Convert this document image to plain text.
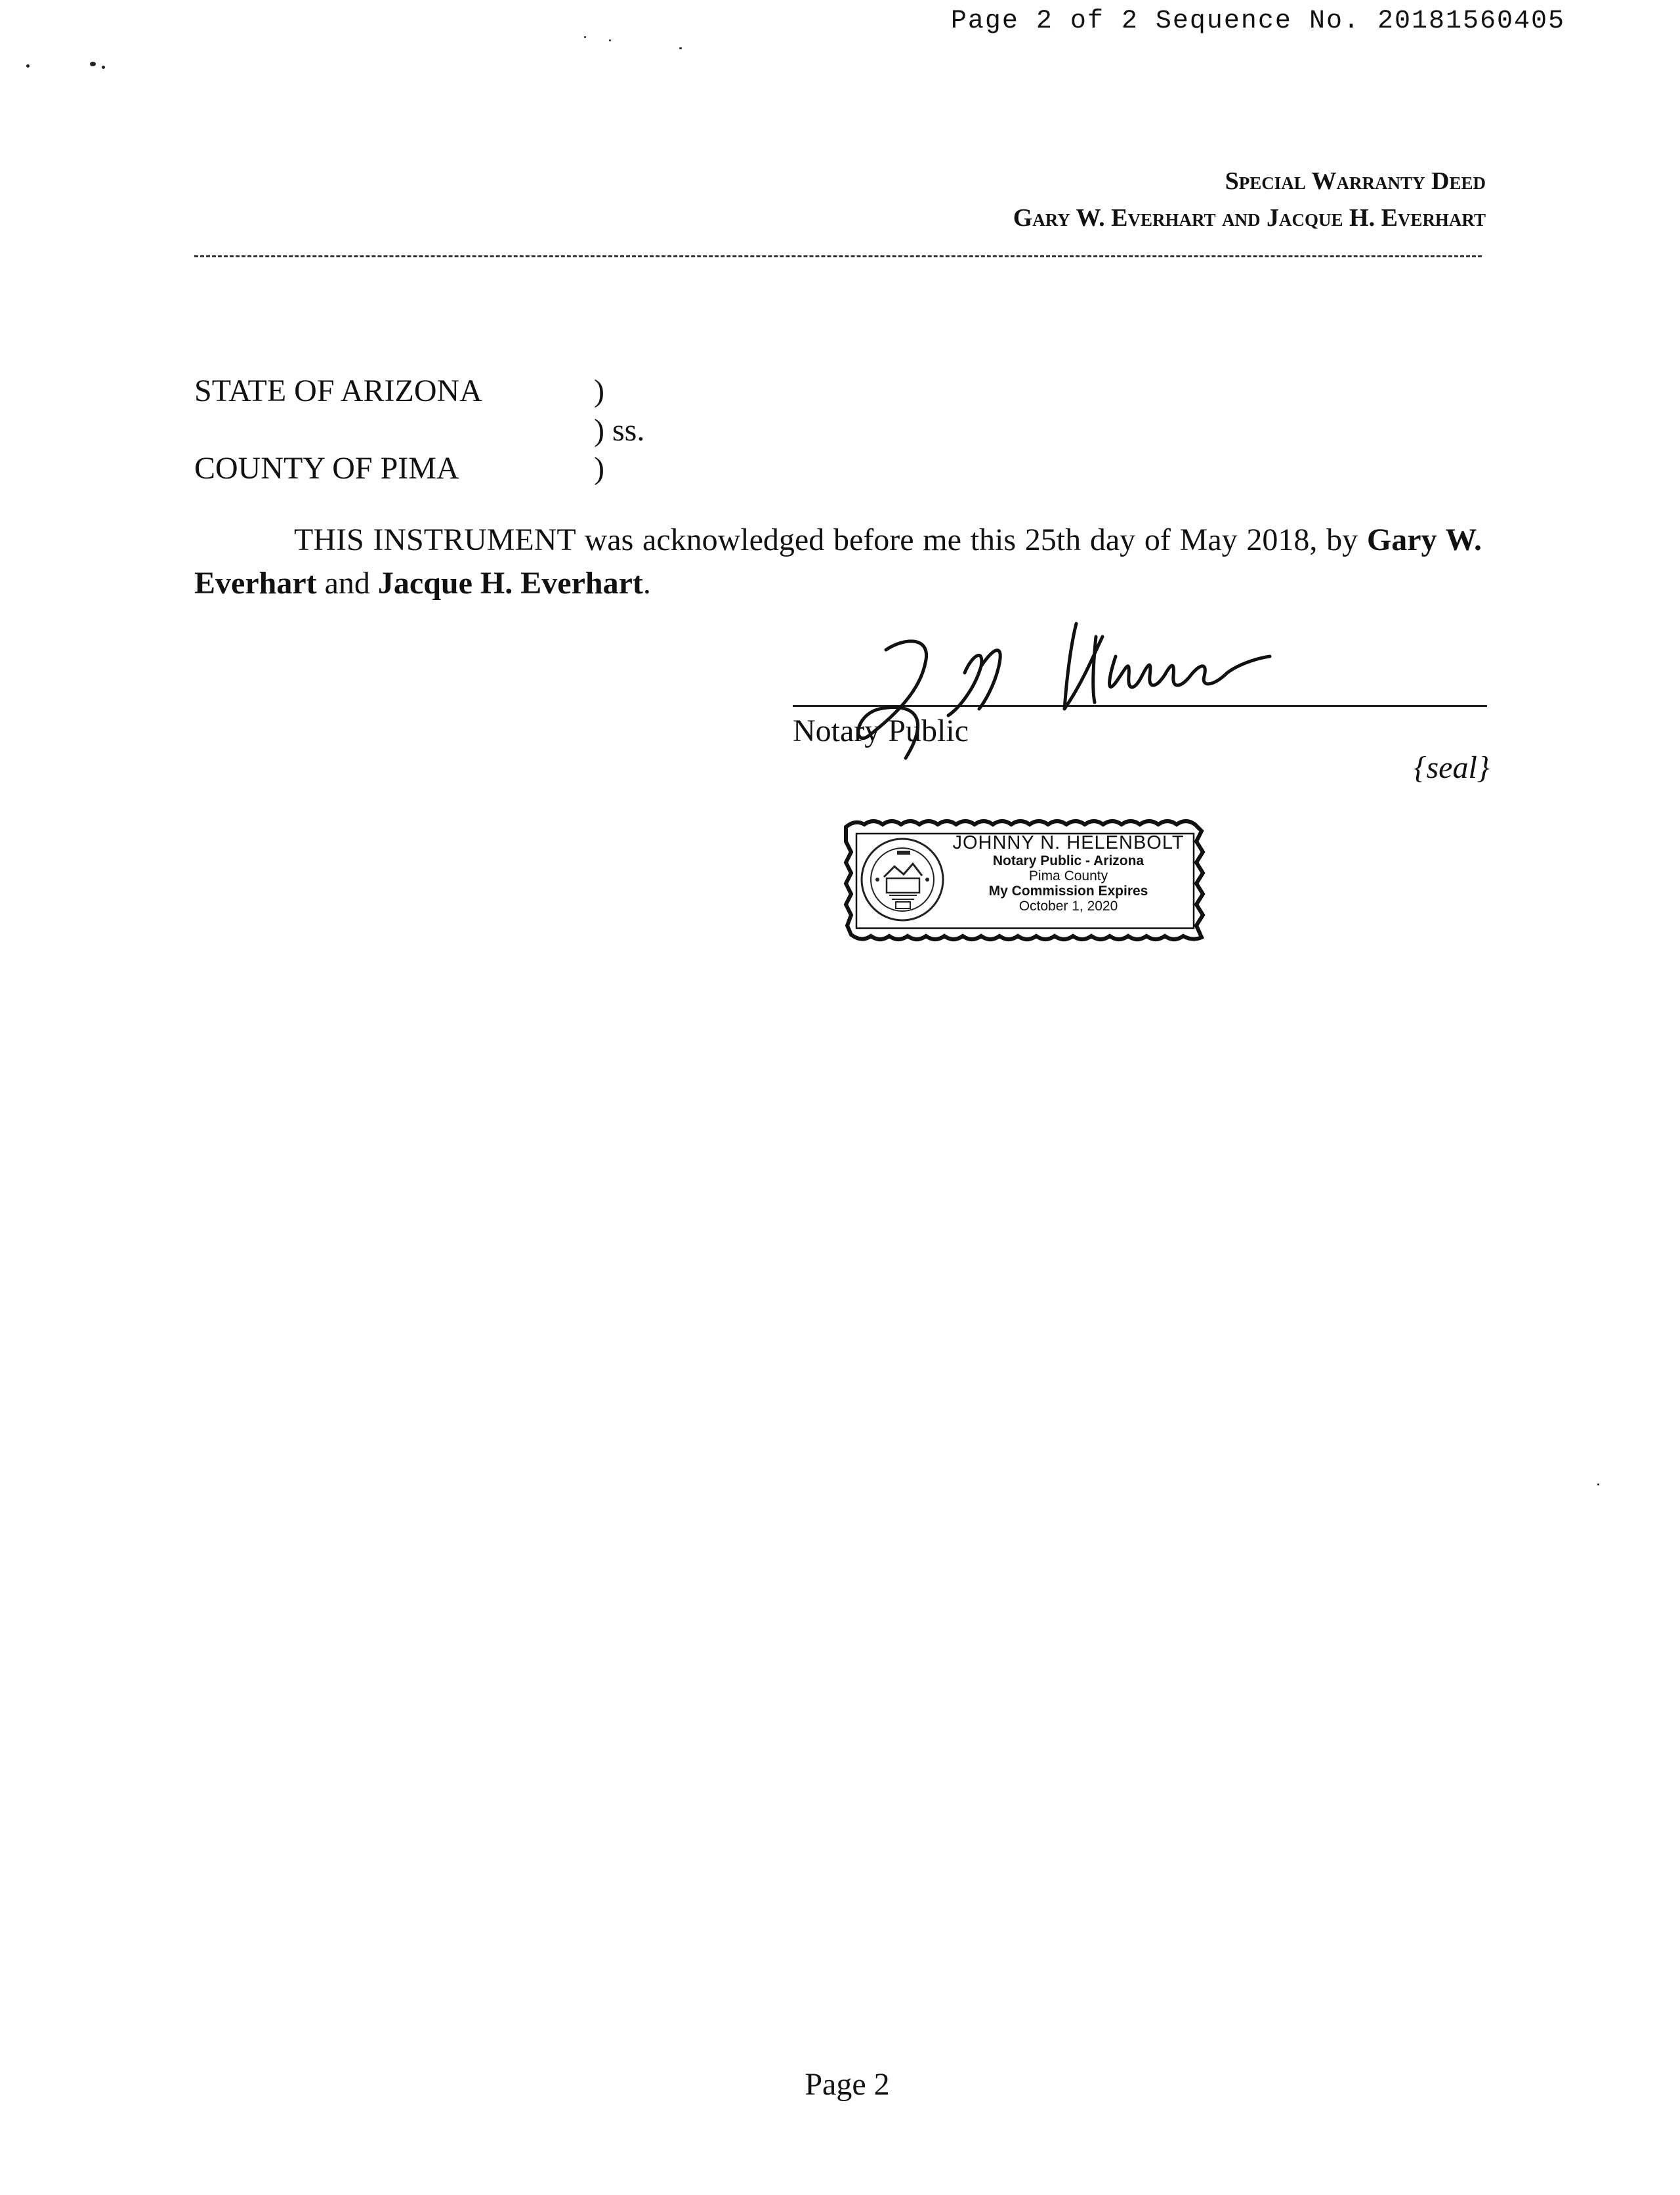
Page 2 of 2 Sequence No. 20181560405
Special Warranty Deed
Gary W. Everhart and Jacque H. Everhart
STATE OF ARIZONA	)
) ss.
COUNTY OF PIMA	)
THIS INSTRUMENT was acknowledged before me this 25th day of May 2018, by Gary W. Everhart and Jacque H. Everhart.
Notary Public
{seal}
JOHNNY N. HELENBOLT
Notary Public - Arizona
Pima County
My Commission Expires
October 1, 2020
Page 2
